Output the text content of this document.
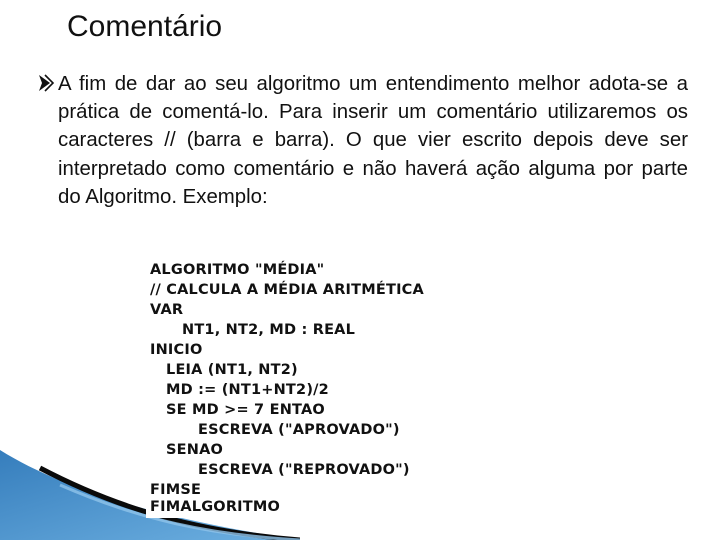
Comentário
A fim de dar ao seu algoritmo um entendimento melhor adota-se a prática de comentá-lo. Para inserir um comentário utilizaremos os caracteres // (barra e barra). O que vier escrito depois deve ser interpretado como comentário e não haverá ação alguma por parte do Algoritmo. Exemplo:
ALGORITMO "MÉDIA"
// CALCULA A MÉDIA ARITMÉTICA
VAR
NT1, NT2, MD : REAL
INICIO
LEIA (NT1, NT2)
MD := (NT1+NT2)/2
SE MD >= 7 ENTAO
ESCREVA ("APROVADO")
SENAO
ESCREVA ("REPROVADO")
FIMSE
FIMALGORITMO
